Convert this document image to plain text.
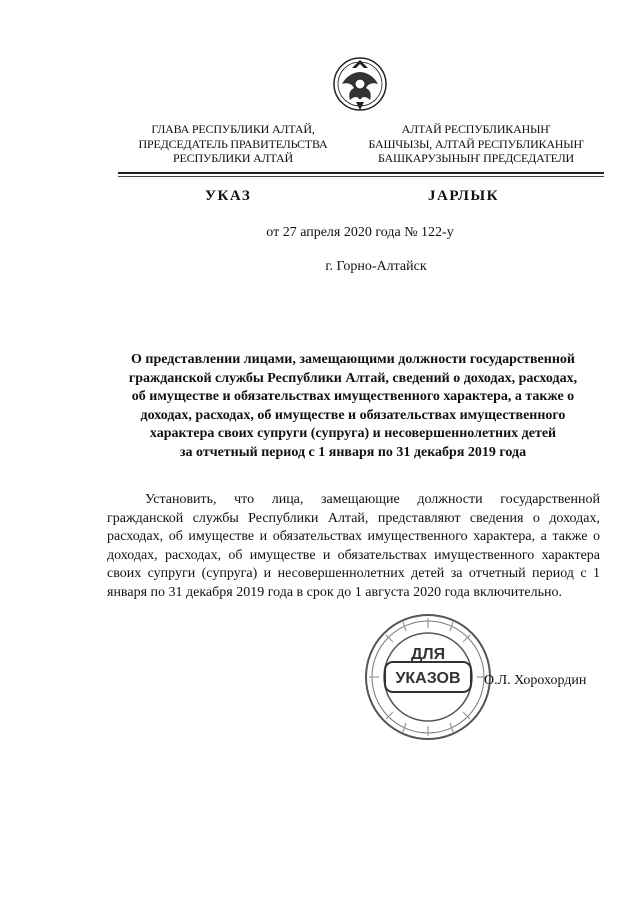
ГЛАВА РЕСПУБЛИКИ АЛТАЙ,
ПРЕДСЕДАТЕЛЬ ПРАВИТЕЛЬСТВА
РЕСПУБЛИКИ АЛТАЙ
АЛТАЙ РЕСПУБЛИКАНЫҤ
БАШЧЫЗЫ, АЛТАЙ РЕСПУБЛИКАНЫҤ
БАШКАРУЗЫНЫҤ ПРЕДСЕДАТЕЛИ
УКАЗ	ЈАРЛЫК
от 27 апреля 2020 года № 122-у
г. Горно-Алтайск
О представлении лицами, замещающими должности государственной
гражданской службы Республики Алтай, сведений о доходах, расходах,
об имуществе и обязательствах имущественного характера, а также о
доходах, расходах, об имуществе и обязательствах имущественного
характера своих супруги (супруга) и несовершеннолетних детей
за отчетный период с 1 января по 31 декабря 2019 года
Установить, что лица, замещающие должности государственной гражданской службы Республики Алтай, представляют сведения о доходах, расходах, об имуществе и обязательствах имущественного характера, а также о доходах, расходах, об имуществе и обязательствах имущественного характера своих супруги (супруга) и несовершеннолетних детей за отчетный период с 1 января по 31 декабря 2019 года в срок до 1 августа 2020 года включительно.
ДЛЯ
УКАЗОВ О.Л. Хорохордин
